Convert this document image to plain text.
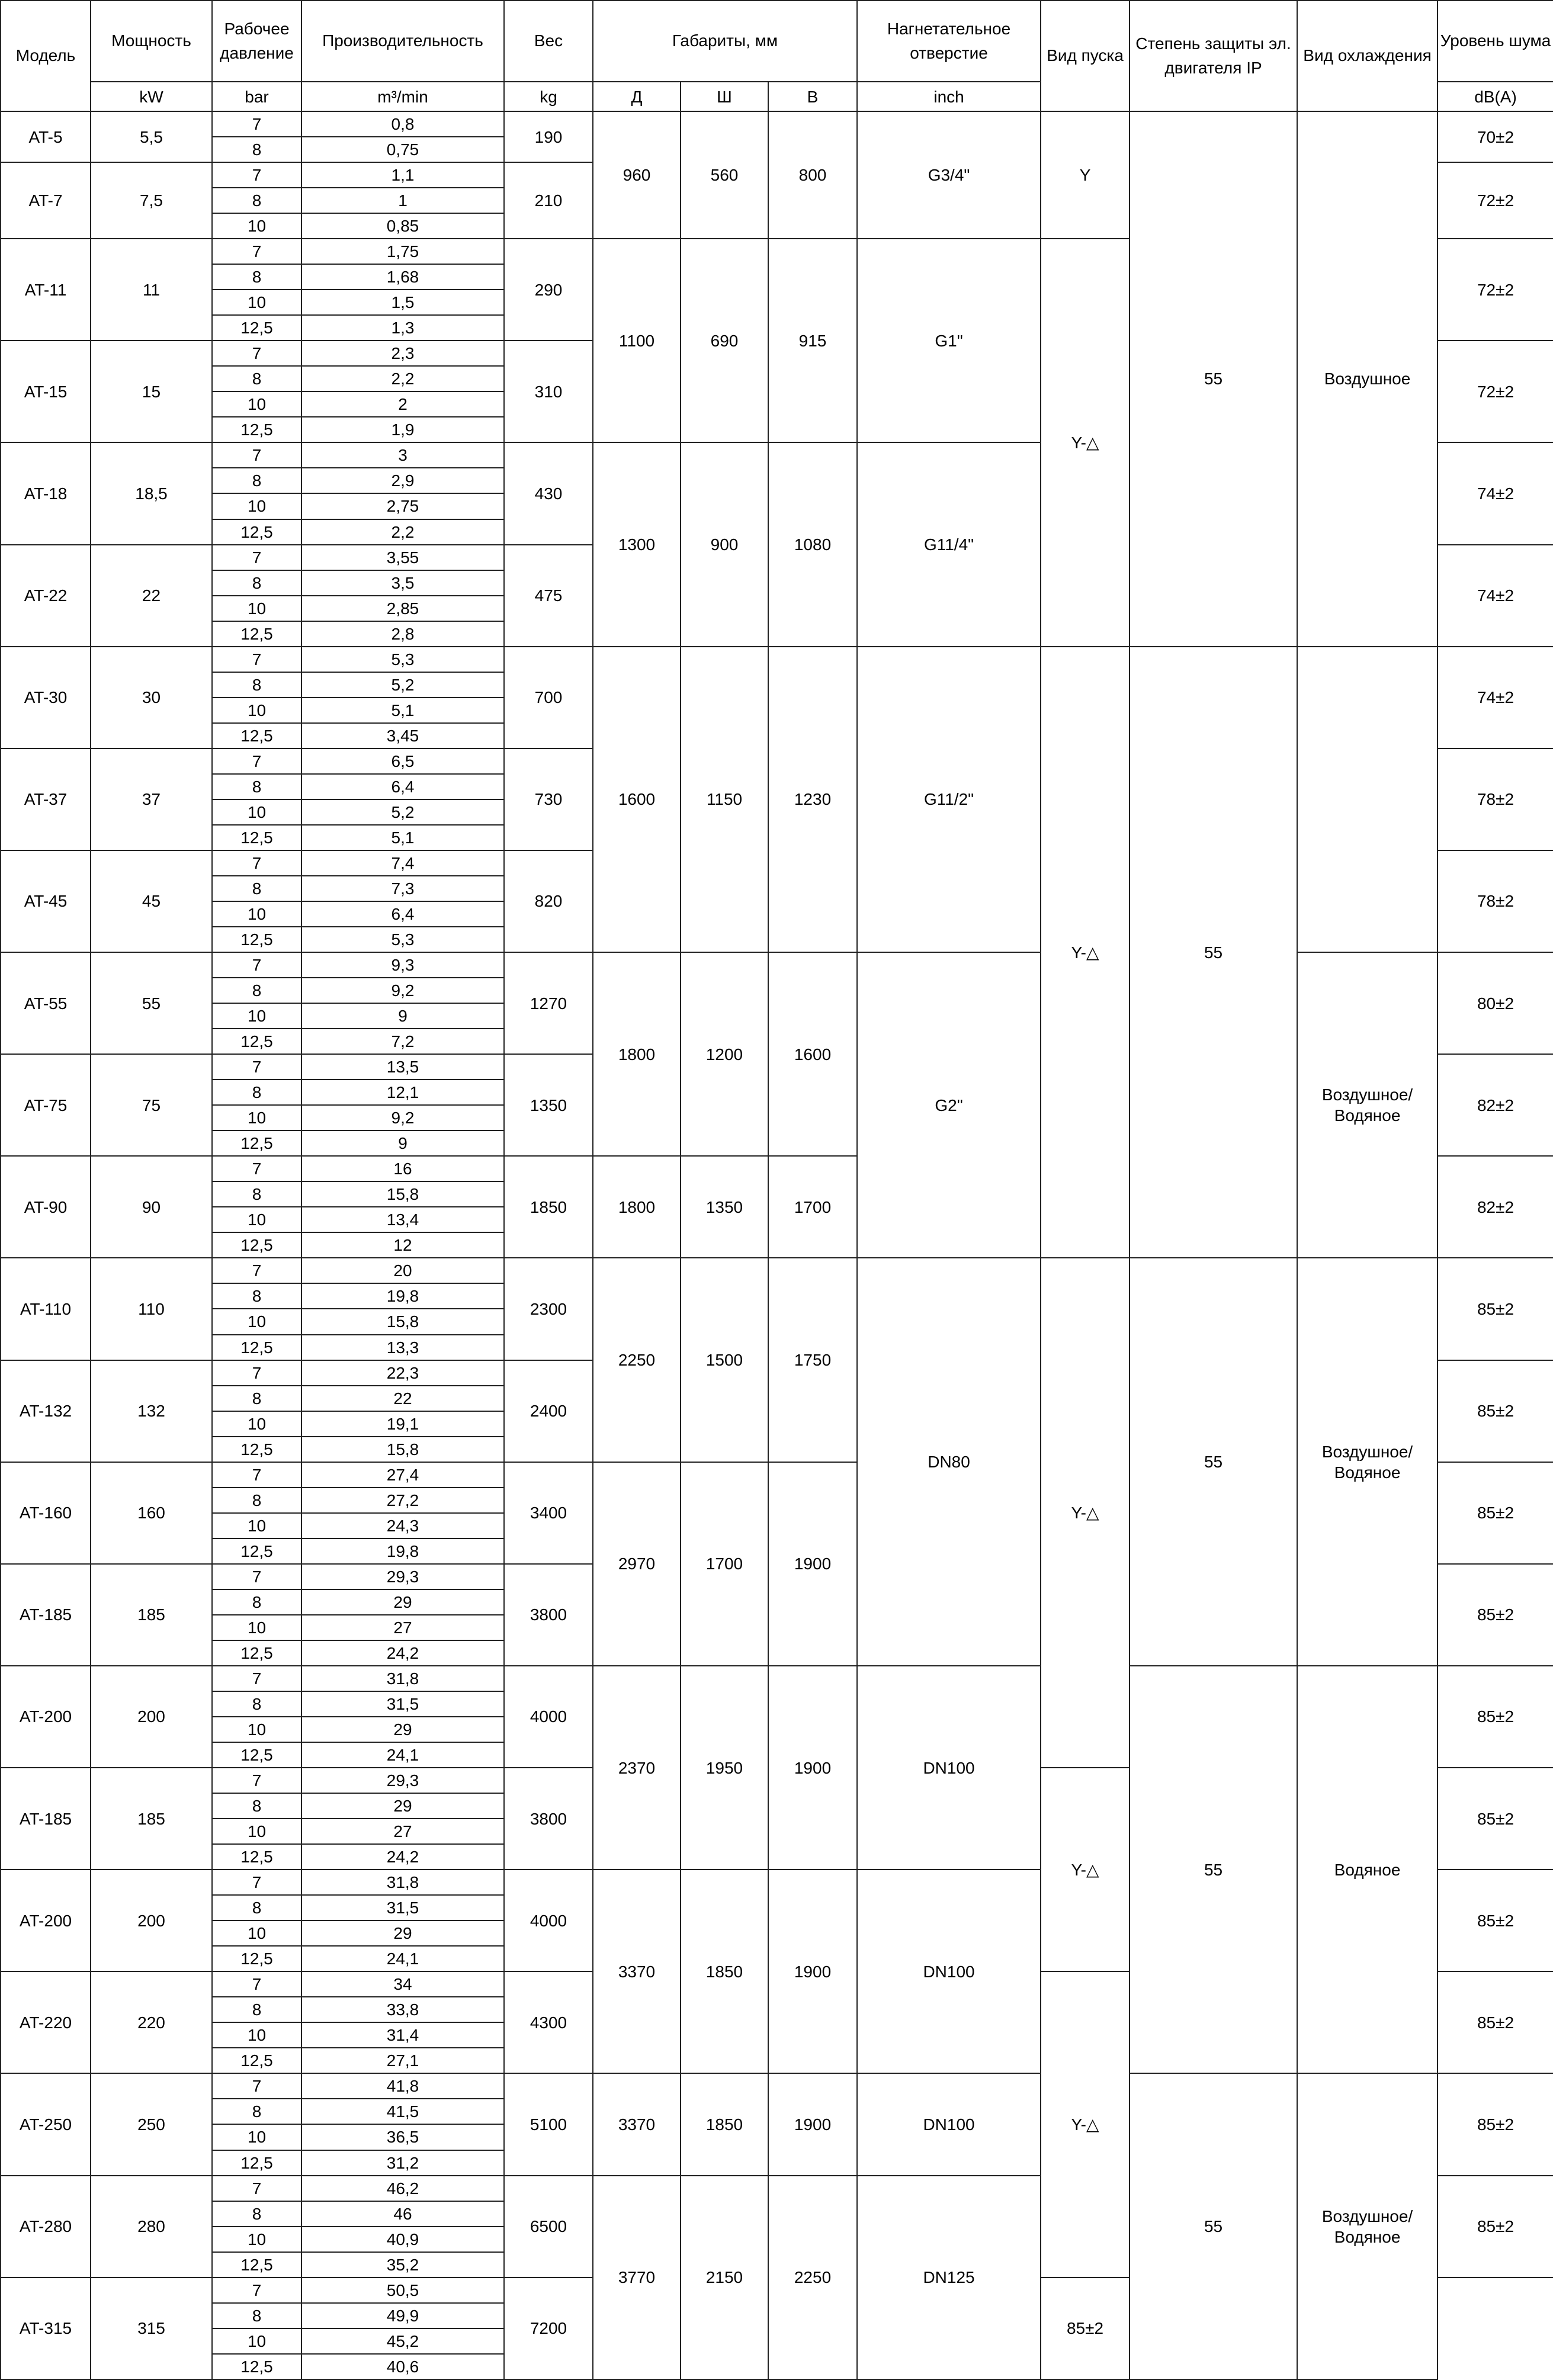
Модель	Мощность	Рабочее давление	Производительность	Вес	Габариты, мм			Нагнетательное отверстие	Вид пуска	Степень защиты эл. двигателя IP	Вид охлаждения	Уровень шума
	kW	bar	m³/min	kg	Д	Ш	В	inch				dB(A)
AT-5	5,5	7	0,8	190	960	560	800	G3/4"	Y	55	Воздушное	70±2
		8	0,75									
AT-7	7,5	7	1,1	210								72±2
		8	1									
		10	0,85									
AT-11	11	7	1,75	290	1100	690	915	G1"	Y-△			72±2
		8	1,68									
		10	1,5									
		12,5	1,3									
AT-15	15	7	2,3	310								72±2
		8	2,2									
		10	2									
		12,5	1,9									
AT-18	18,5	7	3	430	1300	900	1080	G11/4"				74±2
		8	2,9									
		10	2,75									
		12,5	2,2									
AT-22	22	7	3,55	475								74±2
		8	3,5									
		10	2,85									
		12,5	2,8									
AT-30	30	7	5,3	700	1600	1150	1230	G11/2"	Y-△	55		74±2
		8	5,2									
		10	5,1									
		12,5	3,45									
AT-37	37	7	6,5	730								78±2
		8	6,4									
		10	5,2									
		12,5	5,1									
AT-45	45	7	7,4	820								78±2
		8	7,3									
		10	6,4									
		12,5	5,3									
AT-55	55	7	9,3	1270	1800	1200	1600	G2"			Воздушное/ Водяное	80±2
		8	9,2									
		10	9									
		12,5	7,2									
AT-75	75	7	13,5	1350								82±2
		8	12,1									
		10	9,2									
		12,5	9									
AT-90	90	7	16	1850	1800	1350	1700					82±2
		8	15,8									
		10	13,4									
		12,5	12									
AT-110	110	7	20	2300	2250	1500	1750	DN80	Y-△	55	Воздушное/ Водяное	85±2
		8	19,8									
		10	15,8									
		12,5	13,3									
AT-132	132	7	22,3	2400								85±2
		8	22									
		10	19,1									
		12,5	15,8									
AT-160	160	7	27,4	3400	2970	1700	1900					85±2
		8	27,2									
		10	24,3									
		12,5	19,8									
AT-185	185	7	29,3	3800								85±2
		8	29									
		10	27									
		12,5	24,2									
AT-200	200	7	31,8	4000	2370	1950	1900	DN100		55	Водяное	85±2
		8	31,5									
		10	29									
		12,5	24,1									
AT-185	185	7	29,3	3800					Y-△			85±2
		8	29									
		10	27									
		12,5	24,2									
AT-200	200	7	31,8	4000	3370	1850	1900	DN100				85±2
		8	31,5									
		10	29									
		12,5	24,1									
AT-220	220	7	34	4300					Y-△			85±2
		8	33,8									
		10	31,4									
		12,5	27,1									
AT-250	250	7	41,8	5100	3370	1850	1900	DN100		55	Воздушное/ Водяное	85±2
		8	41,5									
		10	36,5									
		12,5	31,2									
AT-280	280	7	46,2	6500	3770	2150	2250	DN125				85±2
		8	46									
		10	40,9									
		12,5	35,2									
AT-315	315	7	50,5	7200					85±2			
		8	49,9									
		10	45,2									
		12,5	40,6									
